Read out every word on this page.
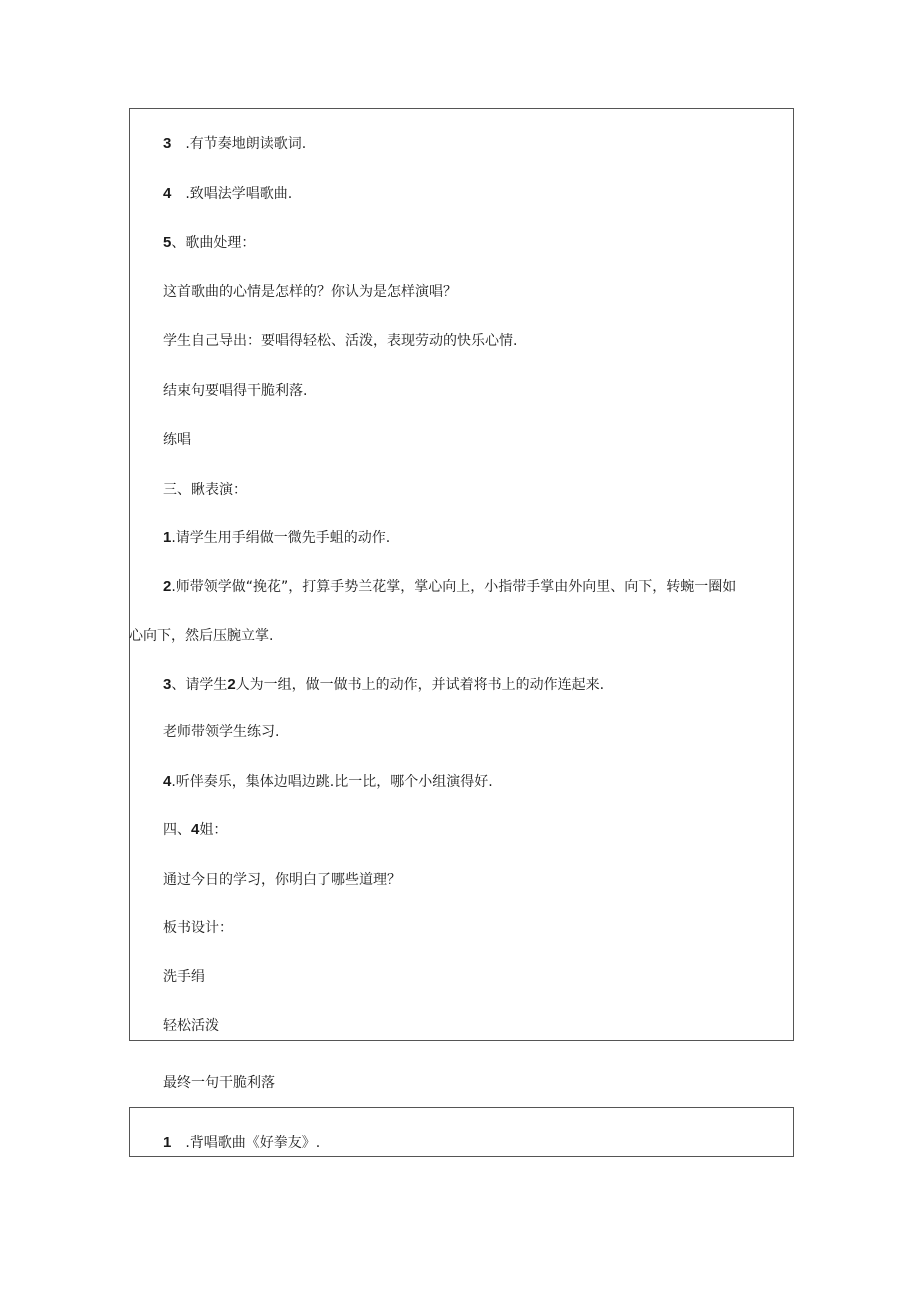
3 .有节奏地朗读歌词.

4 .致唱法学唱歌曲.

5、歌曲处理：

这首歌曲的心情是怎样的？你认为是怎样演唱？

学生自己导出：要唱得轻松、活泼，表现劳动的快乐心情.

结束句要唱得干脆利落.

练唱

三、瞅表演：

1.请学生用手绢做一微先手蛆的动作.

2.师带领学做“挽花”，打算手势兰花掌，掌心向上，小指带手掌由外向里、向下，转蜿一圈如

心向下，然后压腕立掌.

3、请学生2人为一组，做一做书上的动作，并试着将书上的动作连起来.

老师带领学生练习.

4.听伴奏乐，集体边唱边跳.比一比，哪个小组演得好.

四、4姐：

通过今日的学习，你明白了哪些道理？

板书设计：

洗手绢

轻松活泼

最终一句干脆利落

1 .背唱歌曲《好拳友》.
